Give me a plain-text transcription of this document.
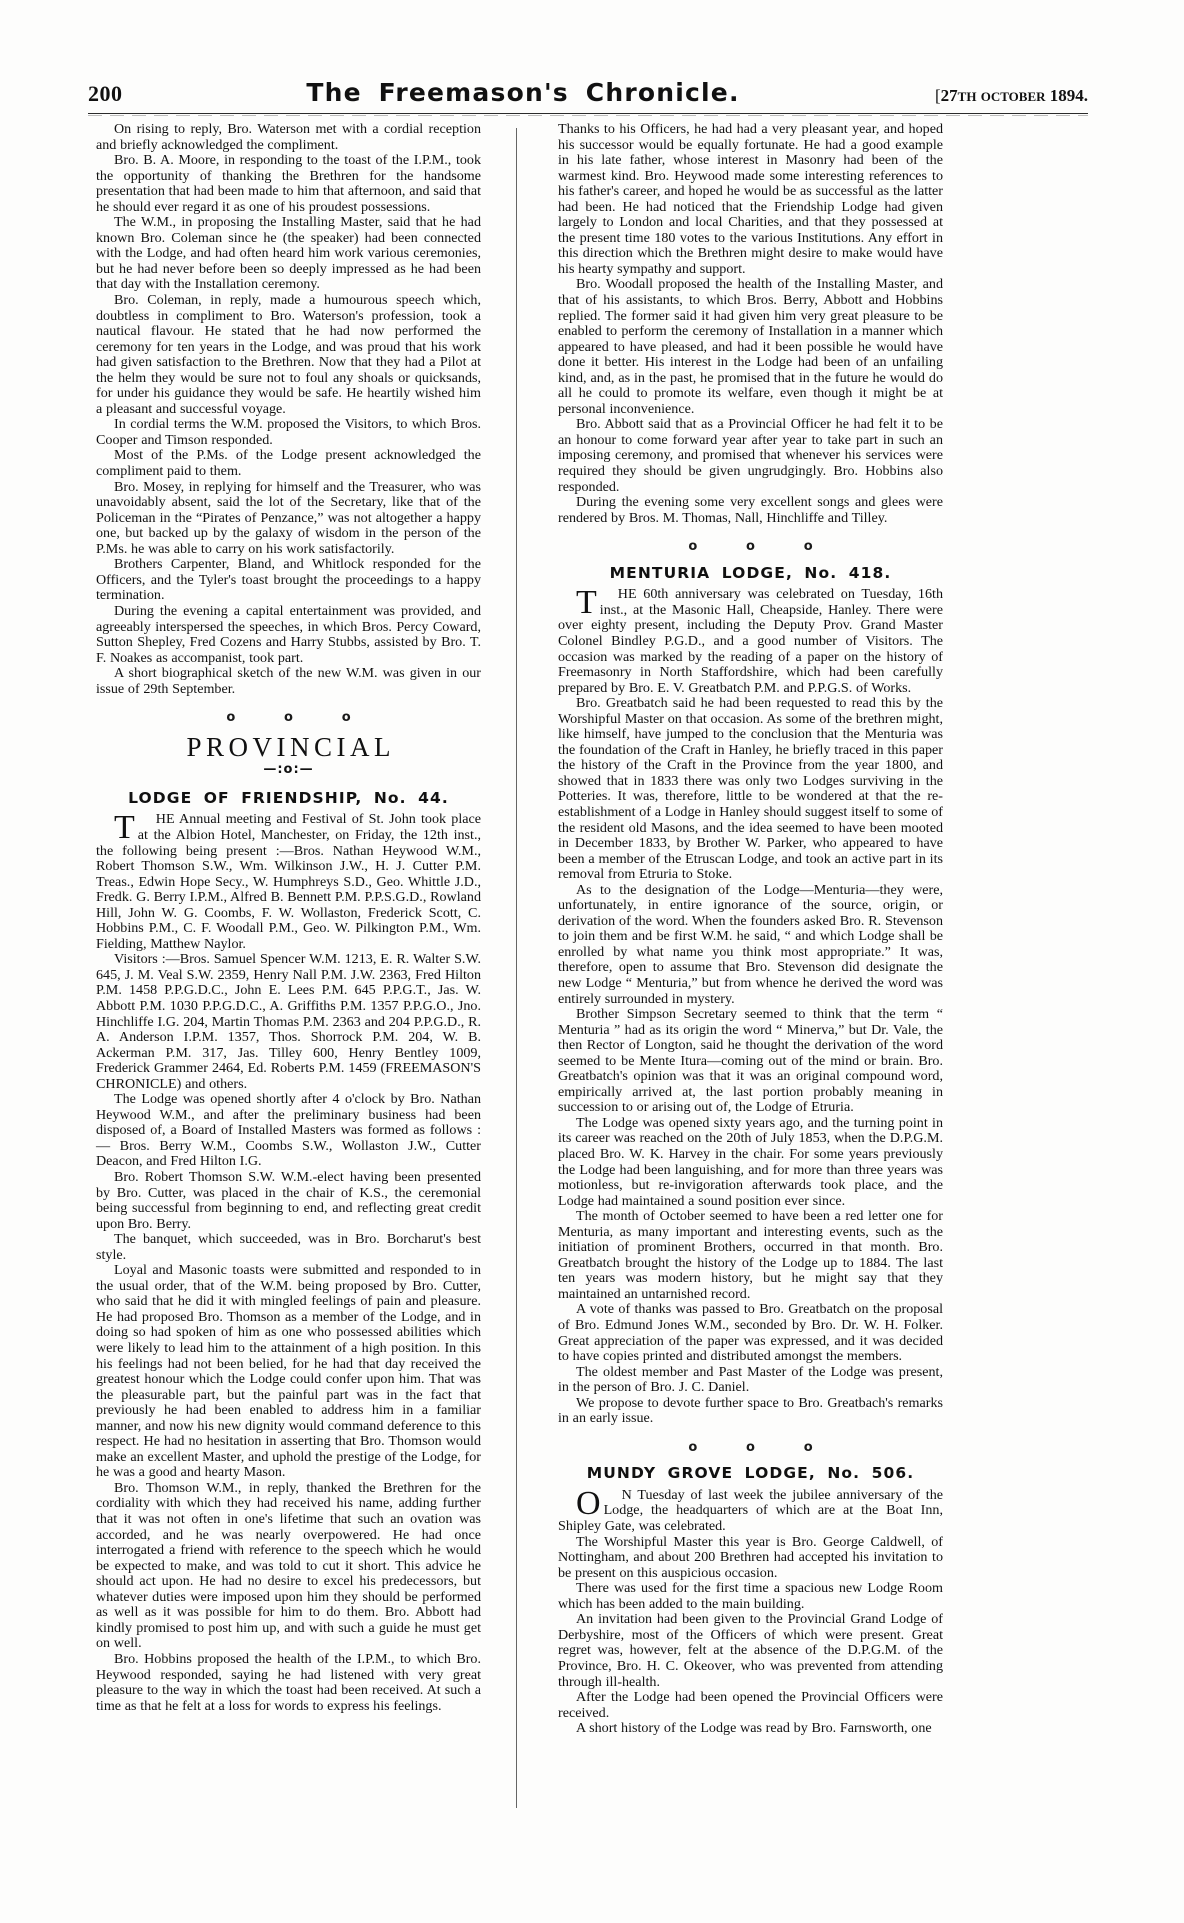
200	The Freemason's Chronicle.	[27TH OCTOBER 1894.

On rising to reply, Bro. Waterson met with a cordial reception and briefly acknowledged the compliment.

Bro. B. A. Moore, in responding to the toast of the I.P.M., took the opportunity of thanking the Brethren for the handsome presentation that had been made to him that afternoon, and said that he should ever regard it as one of his proudest possessions.

The W.M., in proposing the Installing Master, said that he had known Bro. Coleman since he (the speaker) had been connected with the Lodge, and had often heard him work various ceremonies, but he had never before been so deeply impressed as he had been that day with the Installation ceremony.

Bro. Coleman, in reply, made a humourous speech which, doubtless in compliment to Bro. Waterson's profession, took a nautical flavour. He stated that he had now performed the ceremony for ten years in the Lodge, and was proud that his work had given satisfaction to the Brethren. Now that they had a Pilot at the helm they would be sure not to foul any shoals or quicksands, for under his guidance they would be safe. He heartily wished him a pleasant and successful voyage.

In cordial terms the W.M. proposed the Visitors, to which Bros. Cooper and Timson responded.

Most of the P.Ms. of the Lodge present acknowledged the compliment paid to them.

Bro. Mosey, in replying for himself and the Treasurer, who was unavoidably absent, said the lot of the Secretary, like that of the Policeman in the “Pirates of Penzance,” was not altogether a happy one, but backed up by the galaxy of wisdom in the person of the P.Ms. he was able to carry on his work satisfactorily.

Brothers Carpenter, Bland, and Whitlock responded for the Officers, and the Tyler's toast brought the proceedings to a happy termination.

During the evening a capital entertainment was provided, and agreeably interspersed the speeches, in which Bros. Percy Coward, Sutton Shepley, Fred Cozens and Harry Stubbs, assisted by Bro. T. F. Noakes as accompanist, took part.

A short biographical sketch of the new W.M. was given in our issue of 29th September.

o o o
PROVINCIAL
—:o:—
LODGE OF FRIENDSHIP, No. 44.

T HE Annual meeting and Festival of St. John took place at the Albion Hotel, Manchester, on Friday, the 12th inst., the following being present :—Bros. Nathan Heywood W.M., Robert Thomson S.W., Wm. Wilkinson J.W., H. J. Cutter P.M. Treas., Edwin Hope Secy., W. Humphreys S.D., Geo. Whittle J.D., Fredk. G. Berry I.P.M., Alfred B. Bennett P.M. P.P.S.G.D., Rowland Hill, John W. G. Coombs, F. W. Wollaston, Frederick Scott, C. Hobbins P.M., C. F. Woodall P.M., Geo. W. Pilkington P.M., Wm. Fielding, Matthew Naylor.

Visitors :—Bros. Samuel Spencer W.M. 1213, E. R. Walter S.W. 645, J. M. Veal S.W. 2359, Henry Nall P.M. J.W. 2363, Fred Hilton P.M. 1458 P.P.G.D.C., John E. Lees P.M. 645 P.P.G.T., Jas. W. Abbott P.M. 1030 P.P.G.D.C., A. Griffiths P.M. 1357 P.P.G.O., Jno. Hinchliffe I.G. 204, Martin Thomas P.M. 2363 and 204 P.P.G.D., R. A. Anderson I.P.M. 1357, Thos. Shorrock P.M. 204, W. B. Ackerman P.M. 317, Jas. Tilley 600, Henry Bentley 1009, Frederick Grammer 2464, Ed. Roberts P.M. 1459 (FREEMASON'S CHRONICLE) and others.

The Lodge was opened shortly after 4 o'clock by Bro. Nathan Heywood W.M., and after the preliminary business had been disposed of, a Board of Installed Masters was formed as follows :— Bros. Berry W.M., Coombs S.W., Wollaston J.W., Cutter Deacon, and Fred Hilton I.G.

Bro. Robert Thomson S.W. W.M.-elect having been presented by Bro. Cutter, was placed in the chair of K.S., the ceremonial being successful from beginning to end, and reflecting great credit upon Bro. Berry.

The banquet, which succeeded, was in Bro. Borcharut's best style.

Loyal and Masonic toasts were submitted and responded to in the usual order, that of the W.M. being proposed by Bro. Cutter, who said that he did it with mingled feelings of pain and pleasure. He had proposed Bro. Thomson as a member of the Lodge, and in doing so had spoken of him as one who possessed abilities which were likely to lead him to the attainment of a high position. In this his feelings had not been belied, for he had that day received the greatest honour which the Lodge could confer upon him. That was the pleasurable part, but the painful part was in the fact that previously he had been enabled to address him in a familiar manner, and now his new dignity would command deference to this respect. He had no hesitation in asserting that Bro. Thomson would make an excellent Master, and uphold the prestige of the Lodge, for he was a good and hearty Mason.

Bro. Thomson W.M., in reply, thanked the Brethren for the cordiality with which they had received his name, adding further that it was not often in one's lifetime that such an ovation was accorded, and he was nearly overpowered. He had once interrogated a friend with reference to the speech which he would be expected to make, and was told to cut it short. This advice he should act upon. He had no desire to excel his predecessors, but whatever duties were imposed upon him they should be performed as well as it was possible for him to do them. Bro. Abbott had kindly promised to post him up, and with such a guide he must get on well.

Bro. Hobbins proposed the health of the I.P.M., to which Bro. Heywood responded, saying he had listened with very great pleasure to the way in which the toast had been received. At such a time as that he felt at a loss for words to express his feelings.

Thanks to his Officers, he had had a very pleasant year, and hoped his successor would be equally fortunate. He had a good example in his late father, whose interest in Masonry had been of the warmest kind. Bro. Heywood made some interesting references to his father's career, and hoped he would be as successful as the latter had been. He had noticed that the Friendship Lodge had given largely to London and local Charities, and that they possessed at the present time 180 votes to the various Institutions. Any effort in this direction which the Brethren might desire to make would have his hearty sympathy and support.

Bro. Woodall proposed the health of the Installing Master, and that of his assistants, to which Bros. Berry, Abbott and Hobbins replied. The former said it had given him very great pleasure to be enabled to perform the ceremony of Installation in a manner which appeared to have pleased, and had it been possible he would have done it better. His interest in the Lodge had been of an unfailing kind, and, as in the past, he promised that in the future he would do all he could to promote its welfare, even though it might be at personal inconvenience.

Bro. Abbott said that as a Provincial Officer he had felt it to be an honour to come forward year after year to take part in such an imposing ceremony, and promised that whenever his services were required they should be given ungrudgingly. Bro. Hobbins also responded.

During the evening some very excellent songs and glees were rendered by Bros. M. Thomas, Nall, Hinchliffe and Tilley.

o o o
MENTURIA LODGE, No. 418.

T HE 60th anniversary was celebrated on Tuesday, 16th inst., at the Masonic Hall, Cheapside, Hanley. There were over eighty present, including the Deputy Prov. Grand Master Colonel Bindley P.G.D., and a good number of Visitors. The occasion was marked by the reading of a paper on the history of Freemasonry in North Staffordshire, which had been carefully prepared by Bro. E. V. Greatbatch P.M. and P.P.G.S. of Works.

Bro. Greatbatch said he had been requested to read this by the Worshipful Master on that occasion. As some of the brethren might, like himself, have jumped to the conclusion that the Menturia was the foundation of the Craft in Hanley, he briefly traced in this paper the history of the Craft in the Province from the year 1800, and showed that in 1833 there was only two Lodges surviving in the Potteries. It was, therefore, little to be wondered at that the re-establishment of a Lodge in Hanley should suggest itself to some of the resident old Masons, and the idea seemed to have been mooted in December 1833, by Brother W. Parker, who appeared to have been a member of the Etruscan Lodge, and took an active part in its removal from Etruria to Stoke.

As to the designation of the Lodge—Menturia—they were, unfortunately, in entire ignorance of the source, origin, or derivation of the word. When the founders asked Bro. R. Stevenson to join them and be first W.M. he said, “ and which Lodge shall be enrolled by what name you think most appropriate.” It was, therefore, open to assume that Bro. Stevenson did designate the new Lodge “ Menturia,” but from whence he derived the word was entirely surrounded in mystery.

Brother Simpson Secretary seemed to think that the term “ Menturia ” had as its origin the word “ Minerva,” but Dr. Vale, the then Rector of Longton, said he thought the derivation of the word seemed to be Mente Itura—coming out of the mind or brain. Bro. Greatbatch's opinion was that it was an original compound word, empirically arrived at, the last portion probably meaning in succession to or arising out of, the Lodge of Etruria.

The Lodge was opened sixty years ago, and the turning point in its career was reached on the 20th of July 1853, when the D.P.G.M. placed Bro. W. K. Harvey in the chair. For some years previously the Lodge had been languishing, and for more than three years was motionless, but re-invigoration afterwards took place, and the Lodge had maintained a sound position ever since.

The month of October seemed to have been a red letter one for Menturia, as many important and interesting events, such as the initiation of prominent Brothers, occurred in that month. Bro. Greatbatch brought the history of the Lodge up to 1884. The last ten years was modern history, but he might say that they maintained an untarnished record.

A vote of thanks was passed to Bro. Greatbatch on the proposal of Bro. Edmund Jones W.M., seconded by Bro. Dr. W. H. Folker. Great appreciation of the paper was expressed, and it was decided to have copies printed and distributed amongst the members.

The oldest member and Past Master of the Lodge was present, in the person of Bro. J. C. Daniel.

We propose to devote further space to Bro. Greatbach's remarks in an early issue.

o o o
MUNDY GROVE LODGE, No. 506.

O N Tuesday of last week the jubilee anniversary of the Lodge, the headquarters of which are at the Boat Inn, Shipley Gate, was celebrated.

The Worshipful Master this year is Bro. George Caldwell, of Nottingham, and about 200 Brethren had accepted his invitation to be present on this auspicious occasion.

There was used for the first time a spacious new Lodge Room which has been added to the main building.

An invitation had been given to the Provincial Grand Lodge of Derbyshire, most of the Officers of which were present. Great regret was, however, felt at the absence of the D.P.G.M. of the Province, Bro. H. C. Okeover, who was prevented from attending through ill-health.

After the Lodge had been opened the Provincial Officers were received.

A short history of the Lodge was read by Bro. Farnsworth, one
